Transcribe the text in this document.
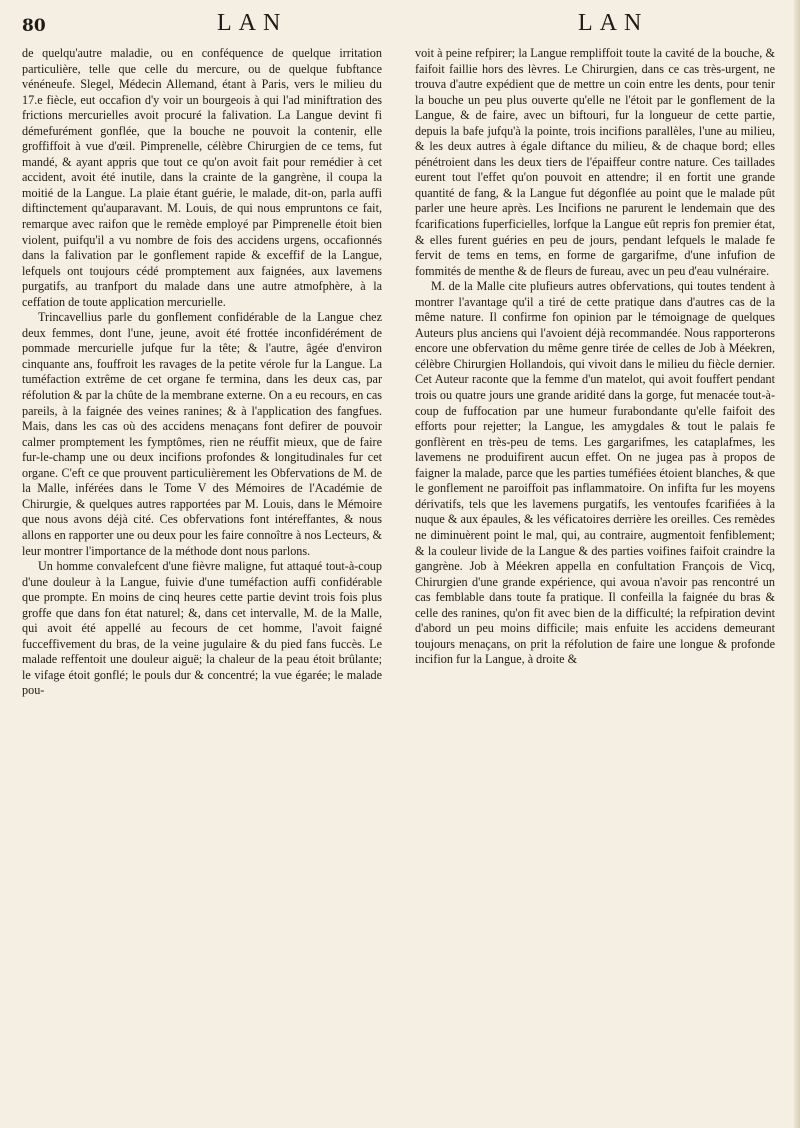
80	LAN	LAN

de quelqu'autre maladie, ou en conféquence de quelque irritation particulière, telle que celle du mercure, ou de quelque fubftance vénéneufe. Slegel, Médecin Allemand, étant à Paris, vers le milieu du 17.e fiècle, eut occafion d'y voir un bourgeois à qui l'ad miniftration des frictions mercurielles avoit procuré la falivation. La Langue devint fi démefurément gonflée, que la bouche ne pouvoit la contenir, elle groffiffoit à vue d'œil. Pimprenelle, célèbre Chirurgien de ce tems, fut mandé, & ayant appris que tout ce qu'on avoit fait pour remédier à cet accident, avoit été inutile, dans la crainte de la gangrène, il coupa la moitié de la Langue. La plaie étant guérie, le malade, dit-on, parla auffi diftinctement qu'auparavant. M. Louis, de qui nous empruntons ce fait, remarque avec raifon que le remède employé par Pimprenelle étoit bien violent, puifqu'il a vu nombre de fois des accidens urgens, occafionnés dans la falivation par le gonflement rapide & exceffif de la Langue, lefquels ont toujours cédé promptement aux faignées, aux lavemens purgatifs, au tranfport du malade dans une autre atmofphère, à la ceffation de toute application mercurielle.

Trincavellius parle du gonflement confidérable de la Langue chez deux femmes, dont l'une, jeune, avoit été frottée inconfidérément de pommade mercurielle jufque fur la tête; & l'autre, âgée d'environ cinquante ans, fouffroit les ravages de la petite vérole fur la Langue. La tuméfaction extrême de cet organe fe termina, dans les deux cas, par réfolution & par la chûte de la membrane externe. On a eu recours, en cas pareils, à la faignée des veines ranines; & à l'application des fangfues. Mais, dans les cas où des accidens menaçans font defirer de pouvoir calmer promptement les fymptômes, rien ne réuffit mieux, que de faire fur-le-champ une ou deux incifions profondes & longitudinales fur cet organe. C'eft ce que prouvent particulièrement les Obfervations de M. de la Malle, inférées dans le Tome V des Mémoires de l'Académie de Chirurgie, & quelques autres rapportées par M. Louis, dans le Mémoire que nous avons déjà cité. Ces obfervations font intéreffantes, & nous allons en rapporter une ou deux pour les faire connoître à nos Lecteurs, & leur montrer l'importance de la méthode dont nous parlons.

Un homme convalefcent d'une fièvre maligne, fut attaqué tout-à-coup d'une douleur à la Langue, fuivie d'une tuméfaction auffi confidérable que prompte. En moins de cinq heures cette partie devint trois fois plus groffe que dans fon état naturel; &, dans cet intervalle, M. de la Malle, qui avoit été appellé au fecours de cet homme, l'avoit faigné fucceffivement du bras, de la veine jugulaire & du pied fans fuccès. Le malade reffentoit une douleur aiguë; la chaleur de la peau étoit brûlante; le vifage étoit gonflé; le pouls dur & concentré; la vue égarée; le malade pou-

voit à peine refpirer; la Langue rempliffoit toute la cavité de la bouche, & faifoit faillie hors des lèvres. Le Chirurgien, dans ce cas très-urgent, ne trouva d'autre expédient que de mettre un coin entre les dents, pour tenir la bouche un peu plus ouverte qu'elle ne l'étoit par le gonflement de la Langue, & de faire, avec un biftouri, fur la longueur de cette partie, depuis la bafe jufqu'à la pointe, trois incifions parallèles, l'une au milieu, & les deux autres à égale diftance du milieu, & de chaque bord; elles pénétroient dans les deux tiers de l'épaiffeur contre nature. Ces taillades eurent tout l'effet qu'on pouvoit en attendre; il en fortit une grande quantité de fang, & la Langue fut dégonflée au point que le malade pût parler une heure après. Les Incifions ne parurent le lendemain que des fcarifications fuperficielles, lorfque la Langue eût repris fon premier état, & elles furent guéries en peu de jours, pendant lefquels le malade fe fervit de tems en tems, en forme de gargarifme, d'une infufion de fommités de menthe & de fleurs de fureau, avec un peu d'eau vulnéraire.

M. de la Malle cite plufieurs autres obfervations, qui toutes tendent à montrer l'avantage qu'il a tiré de cette pratique dans d'autres cas de la même nature. Il confirme fon opinion par le témoignage de quelques Auteurs plus anciens qui l'avoient déjà recommandée. Nous rapporterons encore une obfervation du même genre tirée de celles de Job à Méekren, célèbre Chirurgien Hollandois, qui vivoit dans le milieu du fiècle dernier. Cet Auteur raconte que la femme d'un matelot, qui avoit fouffert pendant trois ou quatre jours une grande aridité dans la gorge, fut menacée tout-à-coup de fuffocation par une humeur furabondante qu'elle faifoit des efforts pour rejetter; la Langue, les amygdales & tout le palais fe gonflèrent en très-peu de tems. Les gargarifmes, les cataplafmes, les lavemens ne produifirent aucun effet. On ne jugea pas à propos de faigner la malade, parce que les parties tuméfiées étoient blanches, & que le gonflement ne paroiffoit pas inflammatoire. On infifta fur les moyens dérivatifs, tels que les lavemens purgatifs, les ventoufes fcarifiées à la nuque & aux épaules, & les véficatoires derrière les oreilles. Ces remèdes ne diminuèrent point le mal, qui, au contraire, augmentoit fenfiblement; & la couleur livide de la Langue & des parties voifines faifoit craindre la gangrène. Job à Méekren appella en confultation François de Vicq, Chirurgien d'une grande expérience, qui avoua n'avoir pas rencontré un cas femblable dans toute fa pratique. Il confeilla la faignée du bras & celle des ranines, qu'on fit avec bien de la difficulté; la refpiration devint d'abord un peu moins difficile; mais enfuite les accidens demeurant toujours menaçans, on prit la réfolution de faire une longue & profonde incifion fur la Langue, à droite &
